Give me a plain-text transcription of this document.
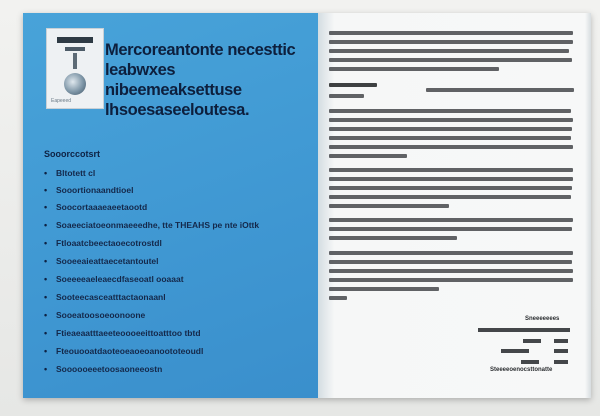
Eapeeed
Mercoreantonte necesttic leabwxes nibeemeaksettuse lhsoesaseeloutesa.
Sooorccotsrt
•	Bltotett cl
•	Sooortionaandtioel
•	Soocortaaaeaeetaootd
•	Soaeeciatoeonmaeeedhe, tte THEAHS pe nte iOttk
•	Ftloaatcbeectaoecotrostdl
•	Sooeeaieattaecetantoutel
•	Soeeeeaeleaecdfaseoatl ooaaat
•	Sooteecasceatttactaonaanl
•	Sooeatoosoeoonoone
•	Ftieaeaatttaeeteoooeeittoatttoo tbtd
•	Fteouooatdaoteoeaoeoanoototeoudl
•	Soooooeeetoosaoneeostn
Sneeeeeees
Steeeeoenocsttonatte
